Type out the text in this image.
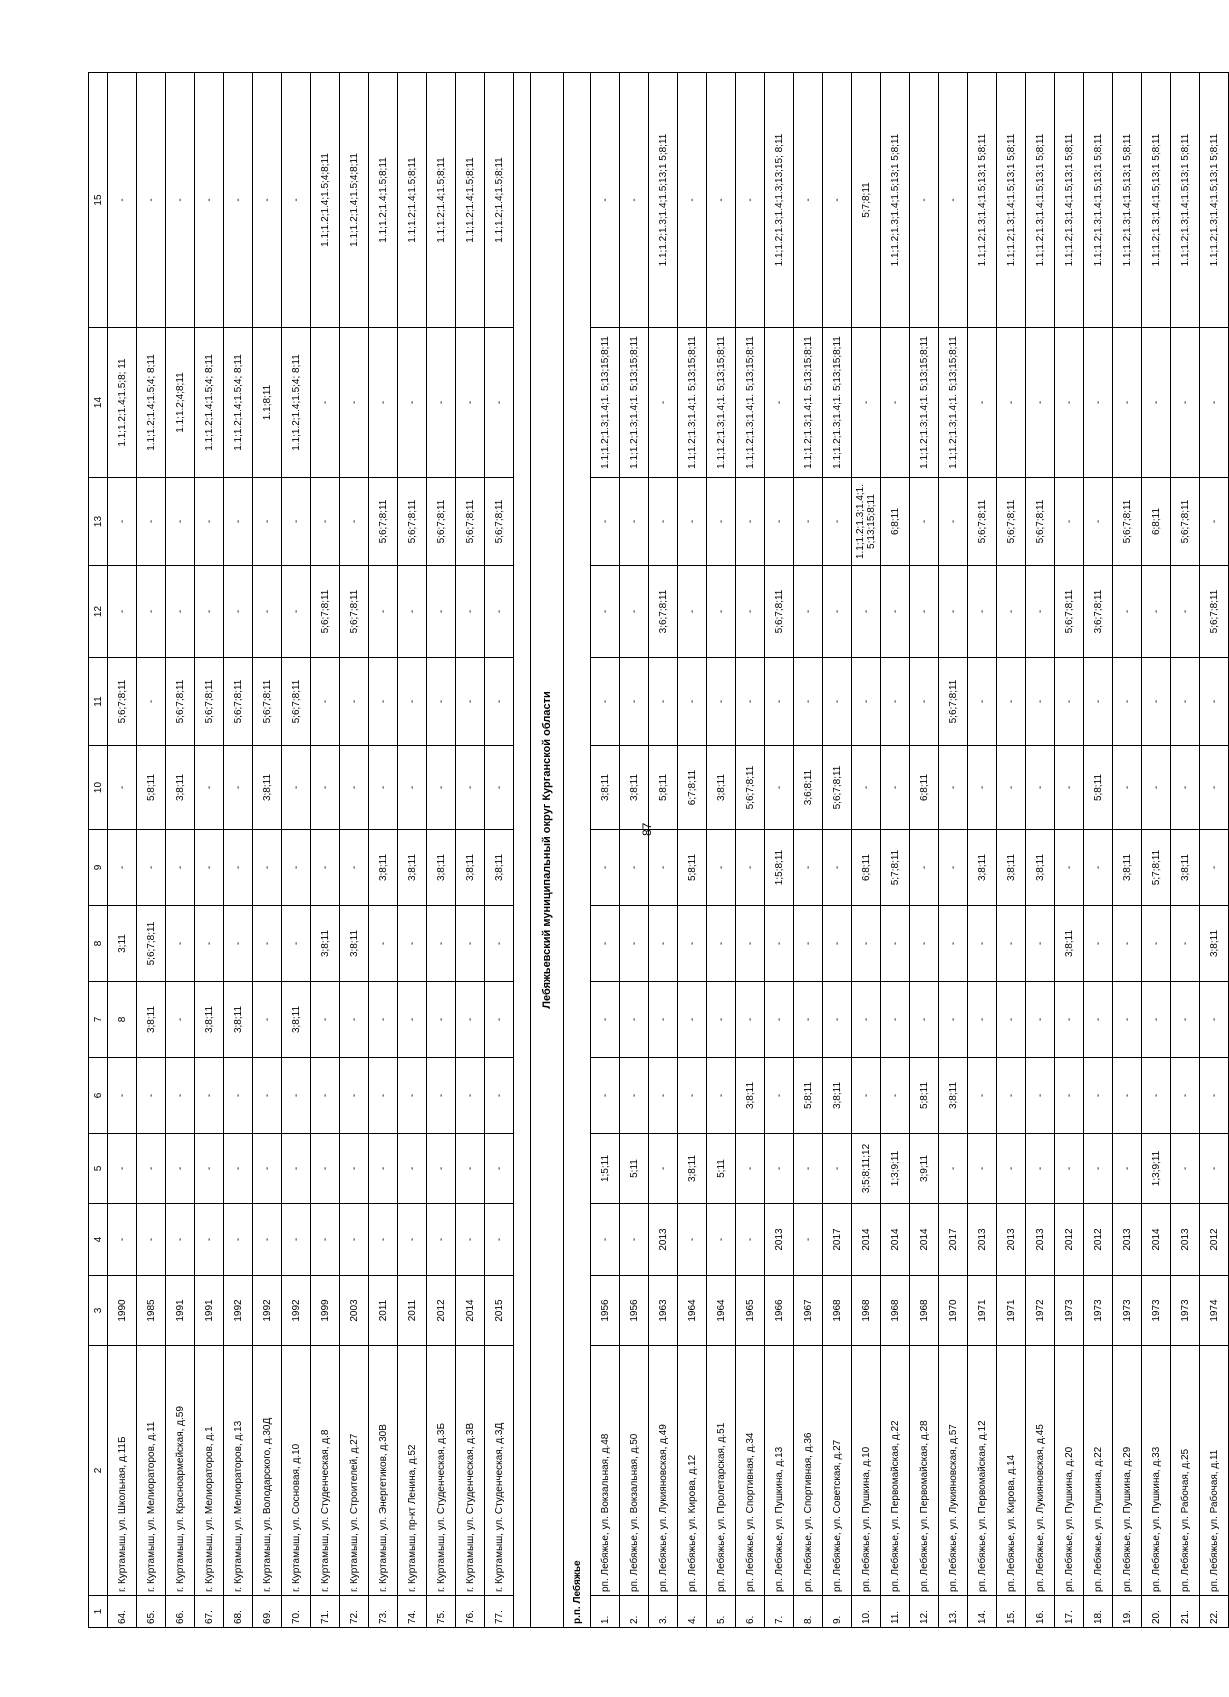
87
1	2	3	4	5	6	7	8	9	10	11	12	13	14	15
64.	г. Куртамыш, ул. Школьная, д.11Б	1990	-	-	-	8	3;11	-	-	5;6;7;8;11	-	-	1.1;1.2;1.4;1.5;8; 11	-
65.	г. Куртамыш, ул. Мелиораторов, д.11	1985	-	-	-	3;8;11	5;6;7;8;11	-	5;8;11	-	-	-	1.1;1.2;1.4;1.5;4; 8;11	-
66.	г. Куртамыш, ул. Красноармейская, д.59	1991	-	-	-	-	-	-	3;8;11	5;6;7;8;11	-	-	1.1;1.2;4;8;11	-
67.	г. Куртамыш, ул. Мелиораторов, д.1	1991	-	-	-	3;8;11	-	-	-	5;6;7;8;11	-	-	1.1;1.2;1.4;1.5;4; 8;11	-
68.	г. Куртамыш, ул. Мелиораторов, д.13	1992	-	-	-	3;8;11	-	-	-	5;6;7;8;11	-	-	1.1;1.2;1.4;1.5;4; 8;11	-
69.	г. Куртамыш, ул. Володарского, д.30Д	1992	-	-	-	-	-	-	3;8;11	5;6;7;8;11	-	-	1.1;8;11	-
70.	г. Куртамыш, ул. Сосновая, д.10	1992	-	-	-	3;8;11	-	-	-	5;6;7;8;11	-	-	1.1;1.2;1.4;1.5;4; 8;11	-
71.	г. Куртамыш, ул. Студенческая, д.8	1999	-	-	-	-	3;8;11	-	-	-	5;6;7;8;11	-	-	1.1;1.2;1.4;1.5;4;8;11
72.	г. Куртамыш, ул. Строителей, д.27	2003	-	-	-	-	3;8;11	-	-	-	5;6;7;8;11	-	-	1.1;1.2;1.4;1.5;4;8;11
73.	г. Куртамыш, ул. Энергетиков, д.30В	2011	-	-	-	-	-	3;8;11	-	-	-	5;6;7;8;11	-	1.1;1.2;1.4;1.5;8;11
74.	г. Куртамыш, пр-кт Ленина, д.52	2011	-	-	-	-	-	3;8;11	-	-	-	5;6;7;8;11	-	1.1;1.2;1.4;1.5;8;11
75.	г. Куртамыш, ул. Студенческая, д.3Б	2012	-	-	-	-	-	3;8;11	-	-	-	5;6;7;8;11	-	1.1;1.2;1.4;1.5;8;11
76.	г. Куртамыш, ул. Студенческая, д.3В	2014	-	-	-	-	-	3;8;11	-	-	-	5;6;7;8;11	-	1.1;1.2;1.4;1.5;8;11
77.	г. Куртамыш, ул. Студенческая, д.3Д	2015	-	-	-	-	-	3;8;11	-	-	-	5;6;7;8;11	-	1.1;1.2;1.4;1.5;8;11

Лебяжьевский муниципальный округ Курганской области														
р.п. Лебяжье														
1.	рп. Лебяжье, ул. Вокзальная, д.48	1956	-	1;5;11	-	-	-	-	3;8;11	-	-	-	1.1;1.2;1.3;1.4;1. 5;13;15;8;11	-
2.	рп. Лебяжье, ул. Вокзальная, д.50	1956	-	5;11	-	-	-	-	3;8;11	-	-	-	1.1;1.2;1.3;1.4;1. 5;13;15;8;11	-
3.	рп. Лебяжье, ул. Лукияновская, д.49	1963	2013	-	-	-	-	-	5;8;11	-	3;6;7;8;11	-	-	1.1;1.2;1.3;1.4;1.5;13;1 5;8;11
4.	рп. Лебяжье, ул. Кирова, д.12	1964	-	3;8;11	-	-	-	5;8;11	6;7;8;11	-	-	-	1.1;1.2;1.3;1.4;1. 5;13;15;8;11	-
5.	рп. Лебяжье, ул. Пролетарская, д.51	1964	-	5;11	-	-	-	-	3;8;11	-	-	-	1.1;1.2;1.3;1.4;1. 5;13;15;8;11	-
6.	рп. Лебяжье, ул. Спортивная, д.34	1965	-	-	3;8;11	-	-	-	5;6;7;8;11	-	-	-	1.1;1.2;1.3;1.4;1. 5;13;15;8;11	-
7.	рп. Лебяжье, ул. Пушкина, д.13	1966	2013	-	-	-	-	1;5;8;11	-	-	5;6;7;8;11	-	-	1.1;1.2;1.3;1.4;1.3;13;15; 8;11
8.	рп. Лебяжье, ул. Спортивная, д.36	1967	-	-	5;8;11	-	-	-	3;6;8;11	-	-	-	1.1;1.2;1.3;1.4;1. 5;13;15;8;11	-
9.	рп. Лебяжье, ул. Советская, д.27	1968	2017	-	3;8;11	-	-	-	5;6;7;8;11	-	-	-	1.1;1.2;1.3;1.4;1. 5;13;15;8;11	-
10.	рп. Лебяжье, ул. Пушкина, д.10	1968	2014	3;5;8;11;12	-	-	-	6;8;11	-	-	-	1.1;1.2;1.3;1.4;1. 5;13;15;8;11	-	5;7;8;11
11.	рп. Лебяжье, ул. Первомайская, д.22	1968	2014	1;3;9;11	-	-	-	5;7;8;11	-	-	-	6;8;11	-	1.1;1.2;1.3;1.4;1.5;13;1 5;8;11
12.	рп. Лебяжье, ул. Первомайская, д.28	1968	2014	3;9;11	5;8;11	-	-	-	6;8;11	-	-	-	1.1;1.2;1.3;1.4;1. 5;13;15;8;11	-
13.	рп. Лебяжье, ул. Лукияновская, д.57	1970	2017	-	3;8;11	-	-	-	-	5;6;7;8;11	-	-	1.1;1.2;1.3;1.4;1. 5;13;15;8;11	-
14.	рп. Лебяжье, ул. Первомайская, д.12	1971	2013	-	-	-	-	3;8;11	-	-	-	5;6;7;8;11	-	1.1;1.2;1.3;1.4;1.5;13;1 5;8;11
15.	рп. Лебяжье, ул. Кирова, д.14	1971	2013	-	-	-	-	3;8;11	-	-	-	5;6;7;8;11	-	1.1;1.2;1.3;1.4;1.5;13;1 5;8;11
16.	рп. Лебяжье, ул. Лукияновская, д.45	1972	2013	-	-	-	-	3;8;11	-	-	-	5;6;7;8;11	-	1.1;1.2;1.3;1.4;1.5;13;1 5;8;11
17.	рп. Лебяжье, ул. Пушкина, д.20	1973	2012	-	-	-	3;8;11	-	-	-	5;6;7;8;11	-	-	1.1;1.2;1.3;1.4;1.5;13;1 5;8;11
18.	рп. Лебяжье, ул. Пушкина, д.22	1973	2012	-	-	-	-	-	5;8;11	-	3;6;7;8;11	-	-	1.1;1.2;1.3;1.4;1.5;13;1 5;8;11
19.	рп. Лебяжье, ул. Пушкина, д.29	1973	2013	-	-	-	-	3;8;11	-	-	-	5;6;7;8;11	-	1.1;1.2;1.3;1.4;1.5;13;1 5;8;11
20.	рп. Лебяжье, ул. Пушкина, д.33	1973	2014	1;3;9;11	-	-	-	5;7;8;11	-	-	-	6;8;11	-	1.1;1.2;1.3;1.4;1.5;13;1 5;8;11
21.	рп. Лебяжье, ул. Рабочая, д.25	1973	2013	-	-	-	-	3;8;11	-	-	-	5;6;7;8;11	-	1.1;1.2;1.3;1.4;1.5;13;1 5;8;11
22.	рп. Лебяжье, ул. Рабочая, д.11	1974	2012	-	-	-	3;8;11	-	-	-	5;6;7;8;11	-	-	1.1;1.2;1.3;1.4;1.5;13;1 5;8;11
